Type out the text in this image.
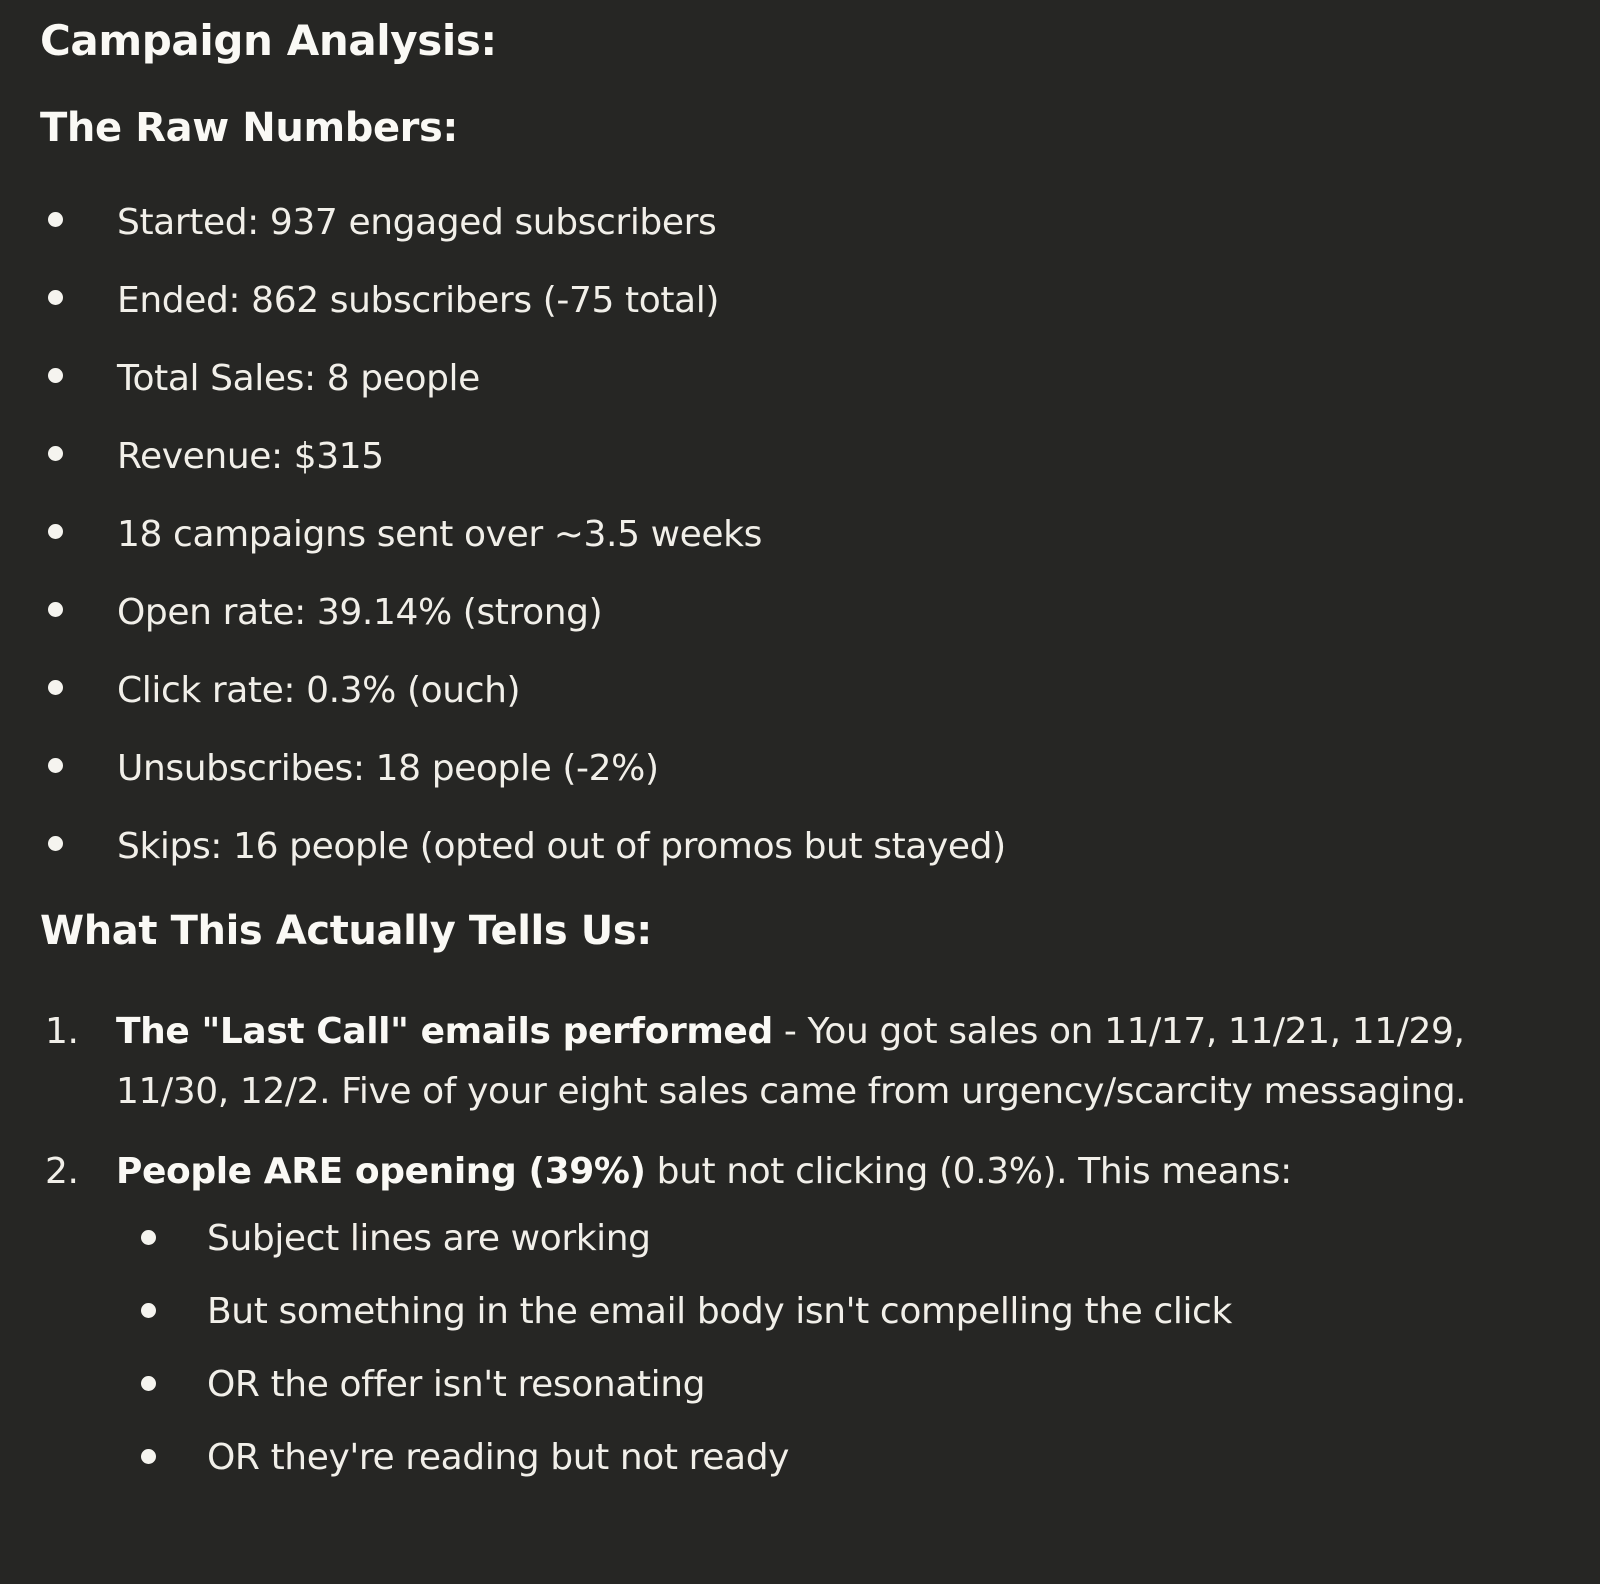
Campaign Analysis:
The Raw Numbers:
Started: 937 engaged subscribers
Ended: 862 subscribers (-75 total)
Total Sales: 8 people
Revenue: $315
18 campaigns sent over ~3.5 weeks
Open rate: 39.14% (strong)
Click rate: 0.3% (ouch)
Unsubscribes: 18 people (-2%)
Skips: 16 people (opted out of promos but stayed)
What This Actually Tells Us:
1.	The "Last Call" emails performed - You got sales on 11/17, 11/21, 11/29, 11/30, 12/2. Five of your eight sales came from urgency/scarcity messaging.
2.	People ARE opening (39%) but not clicking (0.3%). This means:
Subject lines are working
But something in the email body isn't compelling the click
OR the offer isn't resonating
OR they're reading but not ready
